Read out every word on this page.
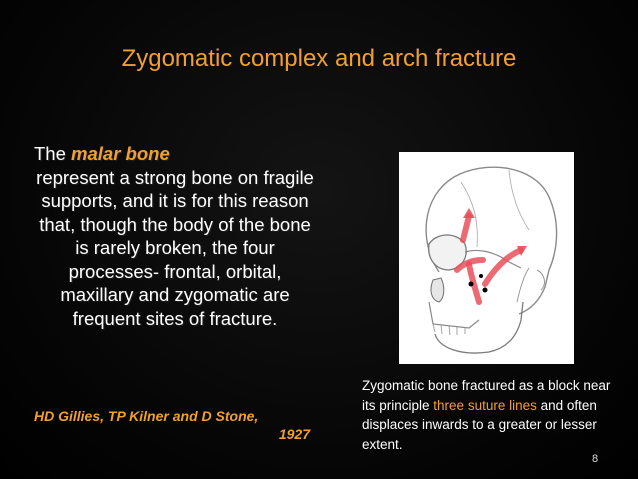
Zygomatic complex and arch fracture
The malar bone
represent a strong bone on fragile supports, and it is for this reason that, though the body of the bone is rarely broken, the four processes- frontal, orbital, maxillary and zygomatic are frequent sites of fracture.
HD Gillies, TP Kilner and D Stone,
1927
Zygomatic bone fractured as a block near its principle three suture lines and often displaces inwards to a greater or lesser extent.
8
